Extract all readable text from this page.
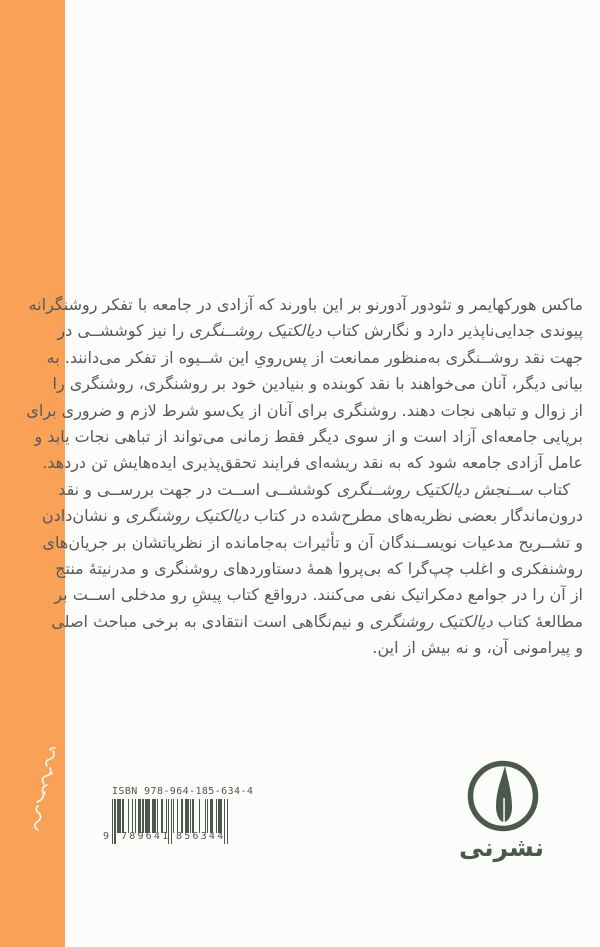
ماکس هورکهایمر و تئودور آدورنو بر این باورند که آزادی در جامعه با تفکر روشنگرانه
پیوندی جدایی‌ناپذیر دارد و نگارش کتاب دیالکتیک روشــنگری را نیز کوششــی در
جهت نقد روشــنگری به‌منظور ممانعت از پس‌رویِ این شــیوه از تفکر می‌دانند. به
بیانی دیگر، آنان می‌خواهند با نقد کوبنده و بنیادین خود بر روشنگری، روشنگری را
از زوال و تباهی نجات دهند. روشنگری برای آنان از یک‌سو شرط لازم و ضروری برای
برپایی جامعه‌ای آزاد است و از سوی دیگر فقط زمانی می‌تواند از تباهی نجات یابد و
عامل آزادی جامعه شود که به نقد ریشه‌ای فرایند تحقق‌پذیری ایده‌هایش تن دردهد.
کتاب ســنجش دیالکتیک روشــنگری کوششــی اســت در جهت بررســی و نقد
درون‌ماندگار بعضی نظریه‌های مطرح‌شده در کتاب دیالکتیک روشنگری و نشان‌دادن
و تشــریح مدعیات نویســندگان آن و تأثیرات به‌جامانده از نظریاتشان بر جریان‌های
روشنفکری و اغلب چپ‌گرا که بی‌پروا همهٔ دستاوردهای روشنگری و مدرنیتهٔ منتج
از آن را در جوامع دمکراتیک نفی می‌کنند. درواقع کتاب پیشِ رو مدخلی اســت بر
مطالعهٔ کتاب دیالکتیک روشنگری و نیم‌نگاهی است انتقادی به برخی مباحث اصلی
و پیرامونی آن، و نه بیش از این.
ISBN 978-964-185-634-4
9 789641 856344	نشرنی
